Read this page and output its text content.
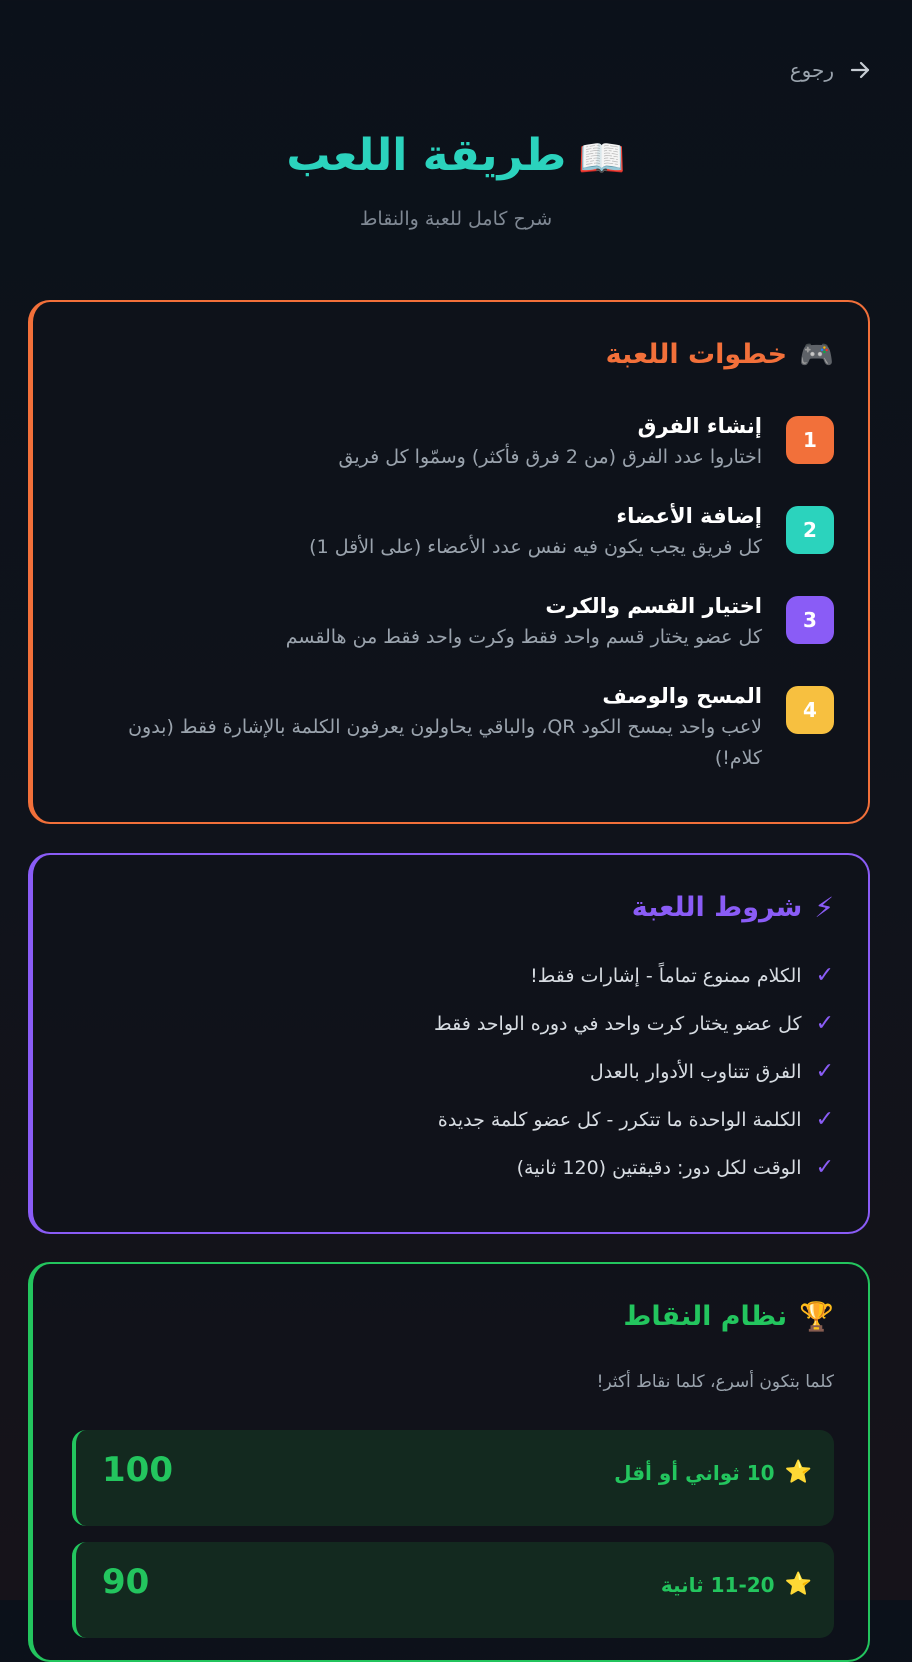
رجوع
📖طريقة اللعب
شرح كامل للعبة والنقاط
🎮
خطوات اللعبة
1
إنشاء الفرق
اختاروا عدد الفرق (من 2 فرق فأكثر) وسمّوا كل فريق
2
إضافة الأعضاء
كل فريق يجب يكون فيه نفس عدد الأعضاء (على الأقل 1)
3
اختيار القسم والكرت
كل عضو يختار قسم واحد فقط وكرت واحد فقط من هالقسم
4
المسح والوصف
لاعب واحد يمسح الكود QR، والباقي يحاولون يعرفون الكلمة بالإشارة فقط (بدون كلام!)
⚡
شروط اللعبة
✓
الكلام ممنوع تماماً - إشارات فقط!
✓
كل عضو يختار كرت واحد في دوره الواحد فقط
✓
الفرق تتناوب الأدوار بالعدل
✓
الكلمة الواحدة ما تتكرر - كل عضو كلمة جديدة
✓
الوقت لكل دور: دقيقتين (120 ثانية)
🏆
نظام النقاط
كلما بتكون أسرع، كلما نقاط أكثر!
⭐
10 ثواني أو أقل
100
⭐
11-20 ثانية
90
